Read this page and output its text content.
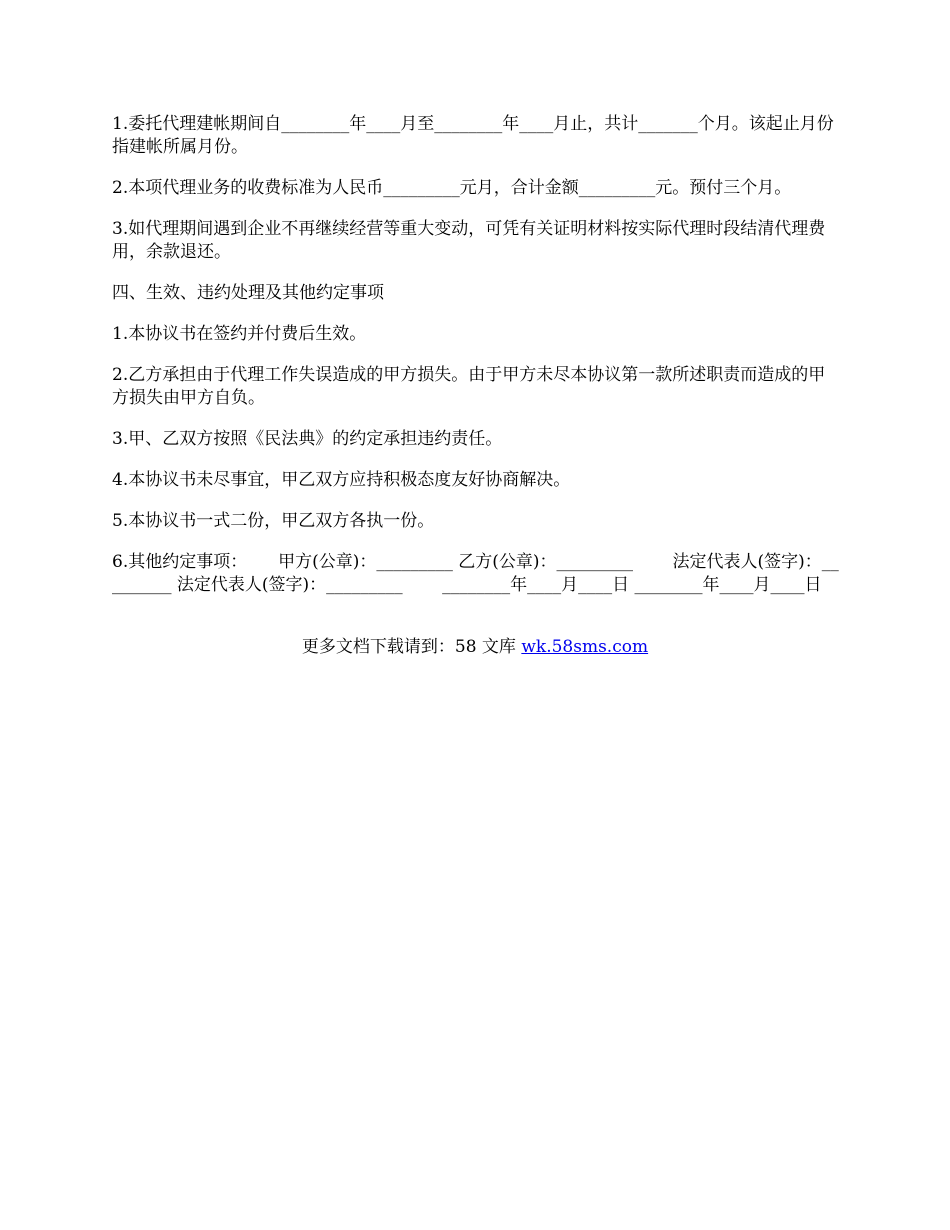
1.委托代理建帐期间自________年____月至________年____月止，共计_______个月。该起止月份指建帐所属月份。

2.本项代理业务的收费标准为人民币_________元月，合计金额_________元。预付三个月。

3.如代理期间遇到企业不再继续经营等重大变动，可凭有关证明材料按实际代理时段结清代理费用，余款退还。

四、生效、违约处理及其他约定事项

1.本协议书在签约并付费后生效。

2.乙方承担由于代理工作失误造成的甲方损失。由于甲方未尽本协议第一款所述职责而造成的甲方损失由甲方自负。

3.甲、乙双方按照《民法典》的约定承担违约责任。

4.本协议书未尽事宜，甲乙双方应持积极态度友好协商解决。

5.本协议书一式二份，甲乙双方各执一份。

6.其他约定事项：　　 甲方(公章)：_________ 乙方(公章)：_________　　 法定代表人(签字)：_________ 法定代表人(签字)：_________　　 ________年____月____日 ________年____月____日

更多文档下载请到：58 文库 wk.58sms.com
